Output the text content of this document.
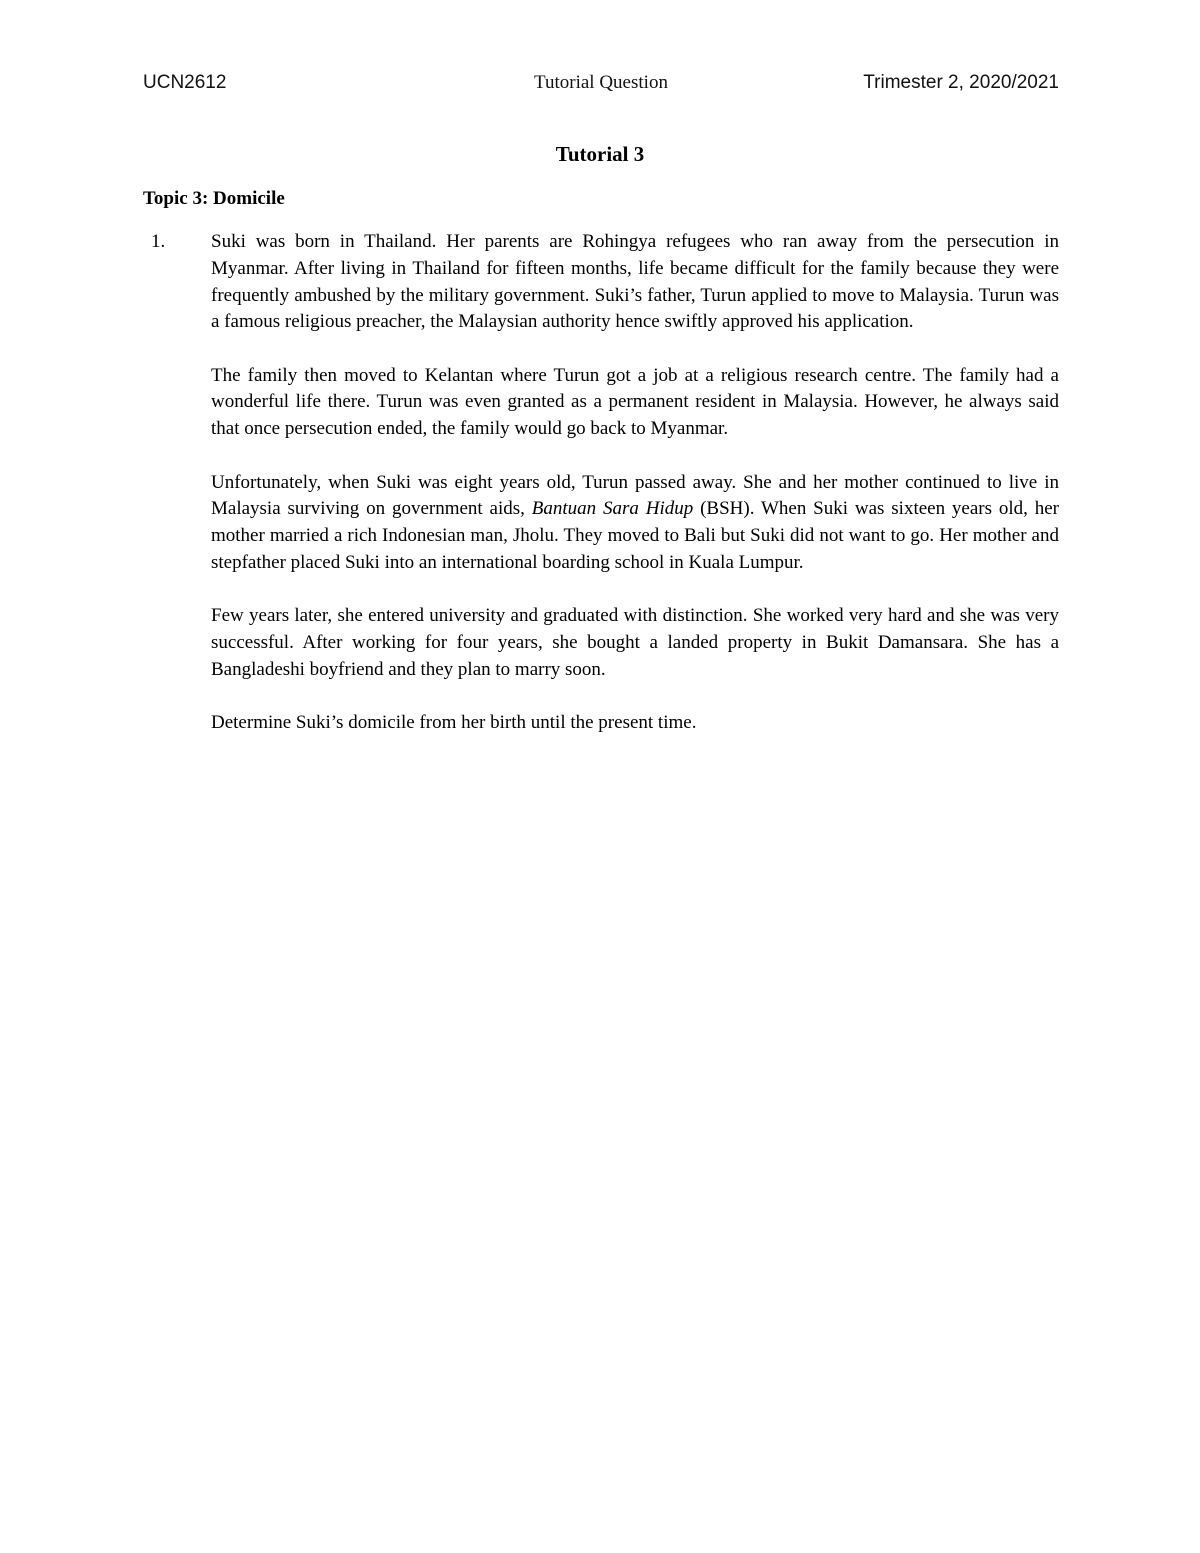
UCN2612	Tutorial Question	Trimester 2, 2020/2021
Tutorial 3
Topic 3: Domicile
1. Suki was born in Thailand. Her parents are Rohingya refugees who ran away from the persecution in Myanmar. After living in Thailand for fifteen months, life became difficult for the family because they were frequently ambushed by the military government. Suki’s father, Turun applied to move to Malaysia. Turun was a famous religious preacher, the Malaysian authority hence swiftly approved his application.

The family then moved to Kelantan where Turun got a job at a religious research centre. The family had a wonderful life there. Turun was even granted as a permanent resident in Malaysia. However, he always said that once persecution ended, the family would go back to Myanmar.

Unfortunately, when Suki was eight years old, Turun passed away. She and her mother continued to live in Malaysia surviving on government aids, Bantuan Sara Hidup (BSH). When Suki was sixteen years old, her mother married a rich Indonesian man, Jholu. They moved to Bali but Suki did not want to go. Her mother and stepfather placed Suki into an international boarding school in Kuala Lumpur.

Few years later, she entered university and graduated with distinction. She worked very hard and she was very successful. After working for four years, she bought a landed property in Bukit Damansara. She has a Bangladeshi boyfriend and they plan to marry soon.

Determine Suki’s domicile from her birth until the present time.
